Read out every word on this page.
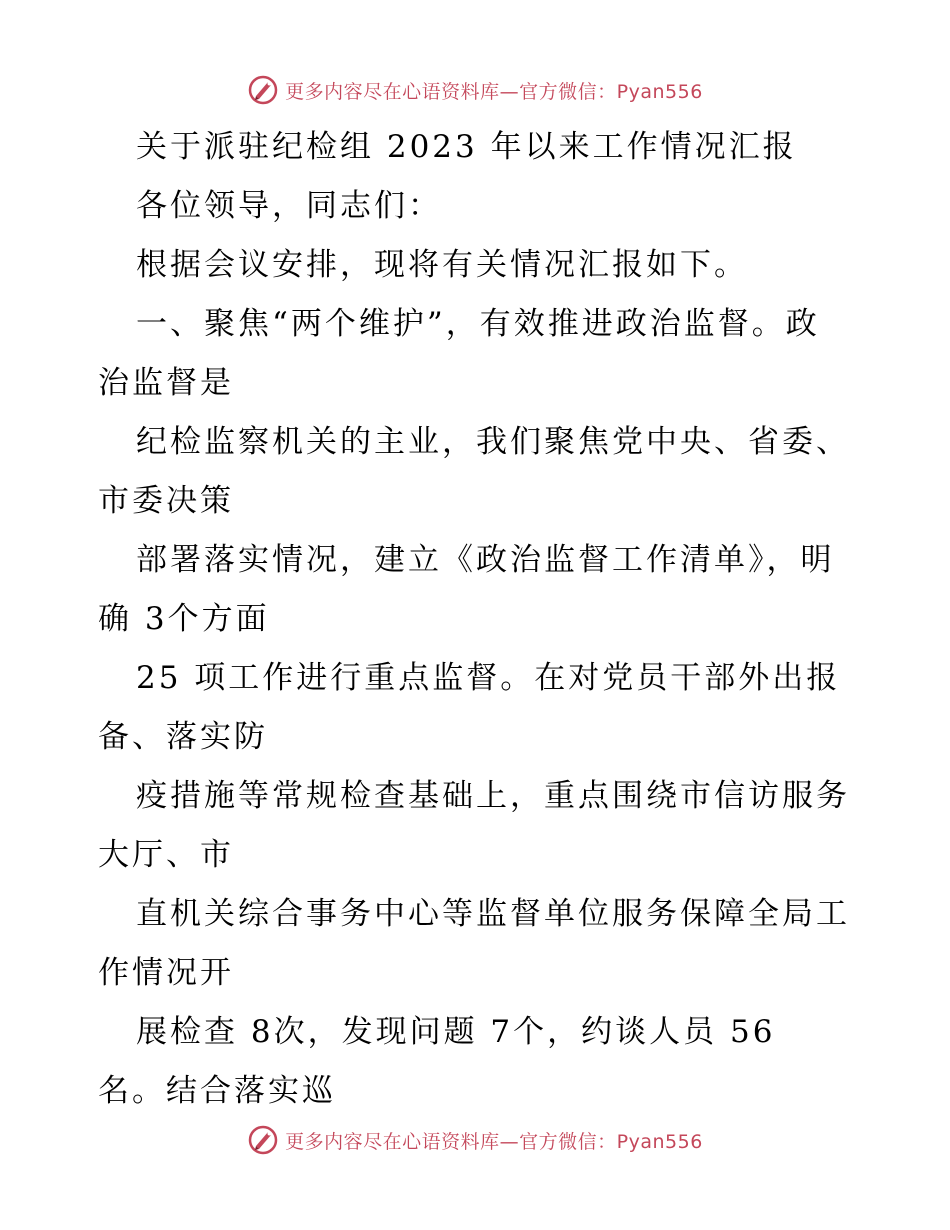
更多内容尽在心语资料库—官方微信：Pyan556
关于派驻纪检组 2023 年以来工作情况汇报
各位领导，同志们：
根据会议安排，现将有关情况汇报如下。
一、聚焦“两个维护”，有效推进政治监督。政
治监督是
纪检监察机关的主业，我们聚焦党中央、省委、
市委决策
部署落实情况，建立《政治监督工作清单》，明
确 3个方面
25 项工作进行重点监督。在对党员干部外出报
备、落实防
疫措施等常规检查基础上，重点围绕市信访服务
大厅、市
直机关综合事务中心等监督单位服务保障全局工
作情况开
展检查 8次，发现问题 7个，约谈人员 56
名。结合落实巡
更多内容尽在心语资料库—官方微信：Pyan556
